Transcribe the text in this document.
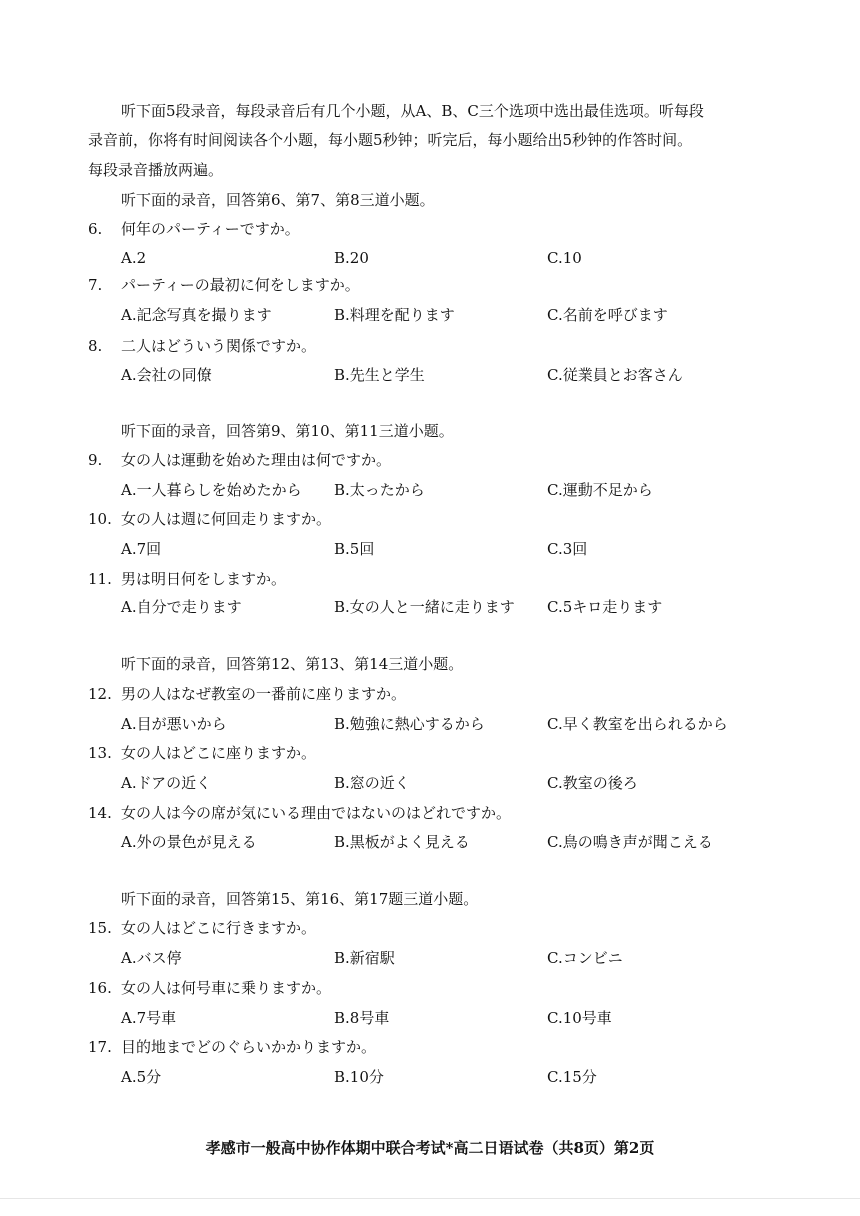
听下面5段录音，每段录音后有几个小题，从A、B、C三个选项中选出最佳选项。听每段
录音前，你将有时间阅读各个小题，每小题5秒钟；听完后，每小题给出5秒钟的作答时间。
每段录音播放两遍。
听下面的录音，回答第6、第7、第8三道小题。
6.	何年のパーティーですか。
A.2	B.20	C.10
7.	パーティーの最初に何をしますか。
A.記念写真を撮ります	B.料理を配ります	C.名前を呼びます
8.	二人はどういう関係ですか。
A.会社の同僚	B.先生と学生	C.従業員とお客さん
听下面的录音，回答第9、第10、第11三道小题。
9.	女の人は運動を始めた理由は何ですか。
A.一人暮らしを始めたから B.太ったから	C.運動不足から
10. 女の人は週に何回走りますか。
A.7回	B.5回	C.3回
11. 男は明日何をしますか。
A.自分で走ります	B.女の人と一緒に走ります C.5キロ走ります
听下面的录音，回答第12、第13、第14三道小题。
12. 男の人はなぜ教室の一番前に座りますか。
A.目が悪いから	B.勉強に熱心するから	C.早く教室を出られるから
13. 女の人はどこに座りますか。
A.ドアの近く	B.窓の近く	C.教室の後ろ
14. 女の人は今の席が気にいる理由ではないのはどれですか。
A.外の景色が見える	B.黒板がよく見える	C.鳥の鳴き声が聞こえる
听下面的录音，回答第15、第16、第17题三道小题。
15. 女の人はどこに行きますか。
A.バス停	B.新宿駅	C.コンビニ
16. 女の人は何号車に乗りますか。
A.7号車	B.8号車	C.10号車
17. 目的地までどのぐらいかかりますか。
A.5分	B.10分	C.15分
孝感市一般高中协作体期中联合考试*高二日语试卷（共8页）第2页
